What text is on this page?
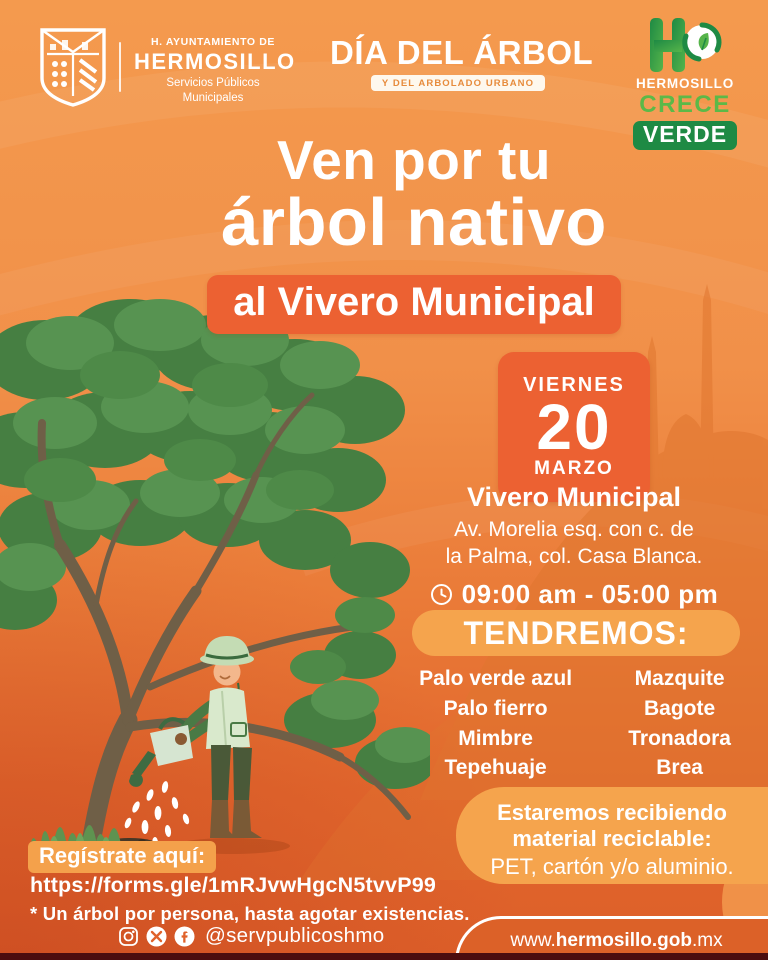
H. AYUNTAMIENTO DE
HERMOSILLO
Servicios Públicos
Municipales
DÍA DEL ÁRBOL
Y DEL ARBOLADO URBANO	HERMOSILLO
CRECE
VERDE
Ven por tu
árbol nativo
al Vivero Municipal
VIERNES
20
MARZO
Vivero Municipal
Av. Morelia esq. con c. de
la Palma, col. Casa Blanca.
09:00 am - 05:00 pm
TENDREMOS:
Palo verde azul
Palo fierro
Mimbre
Tepehuaje
Mazquite
Bagote
Tronadora
Brea
Estaremos recibiendo
material reciclable:
PET, cartón y/o aluminio.
Regístrate aquí:
https://forms.gle/1mRJvwHgcN5tvvP99
* Un árbol por persona, hasta agotar existencias.
@servpublicoshmo	www.hermosillo.gob.mx
